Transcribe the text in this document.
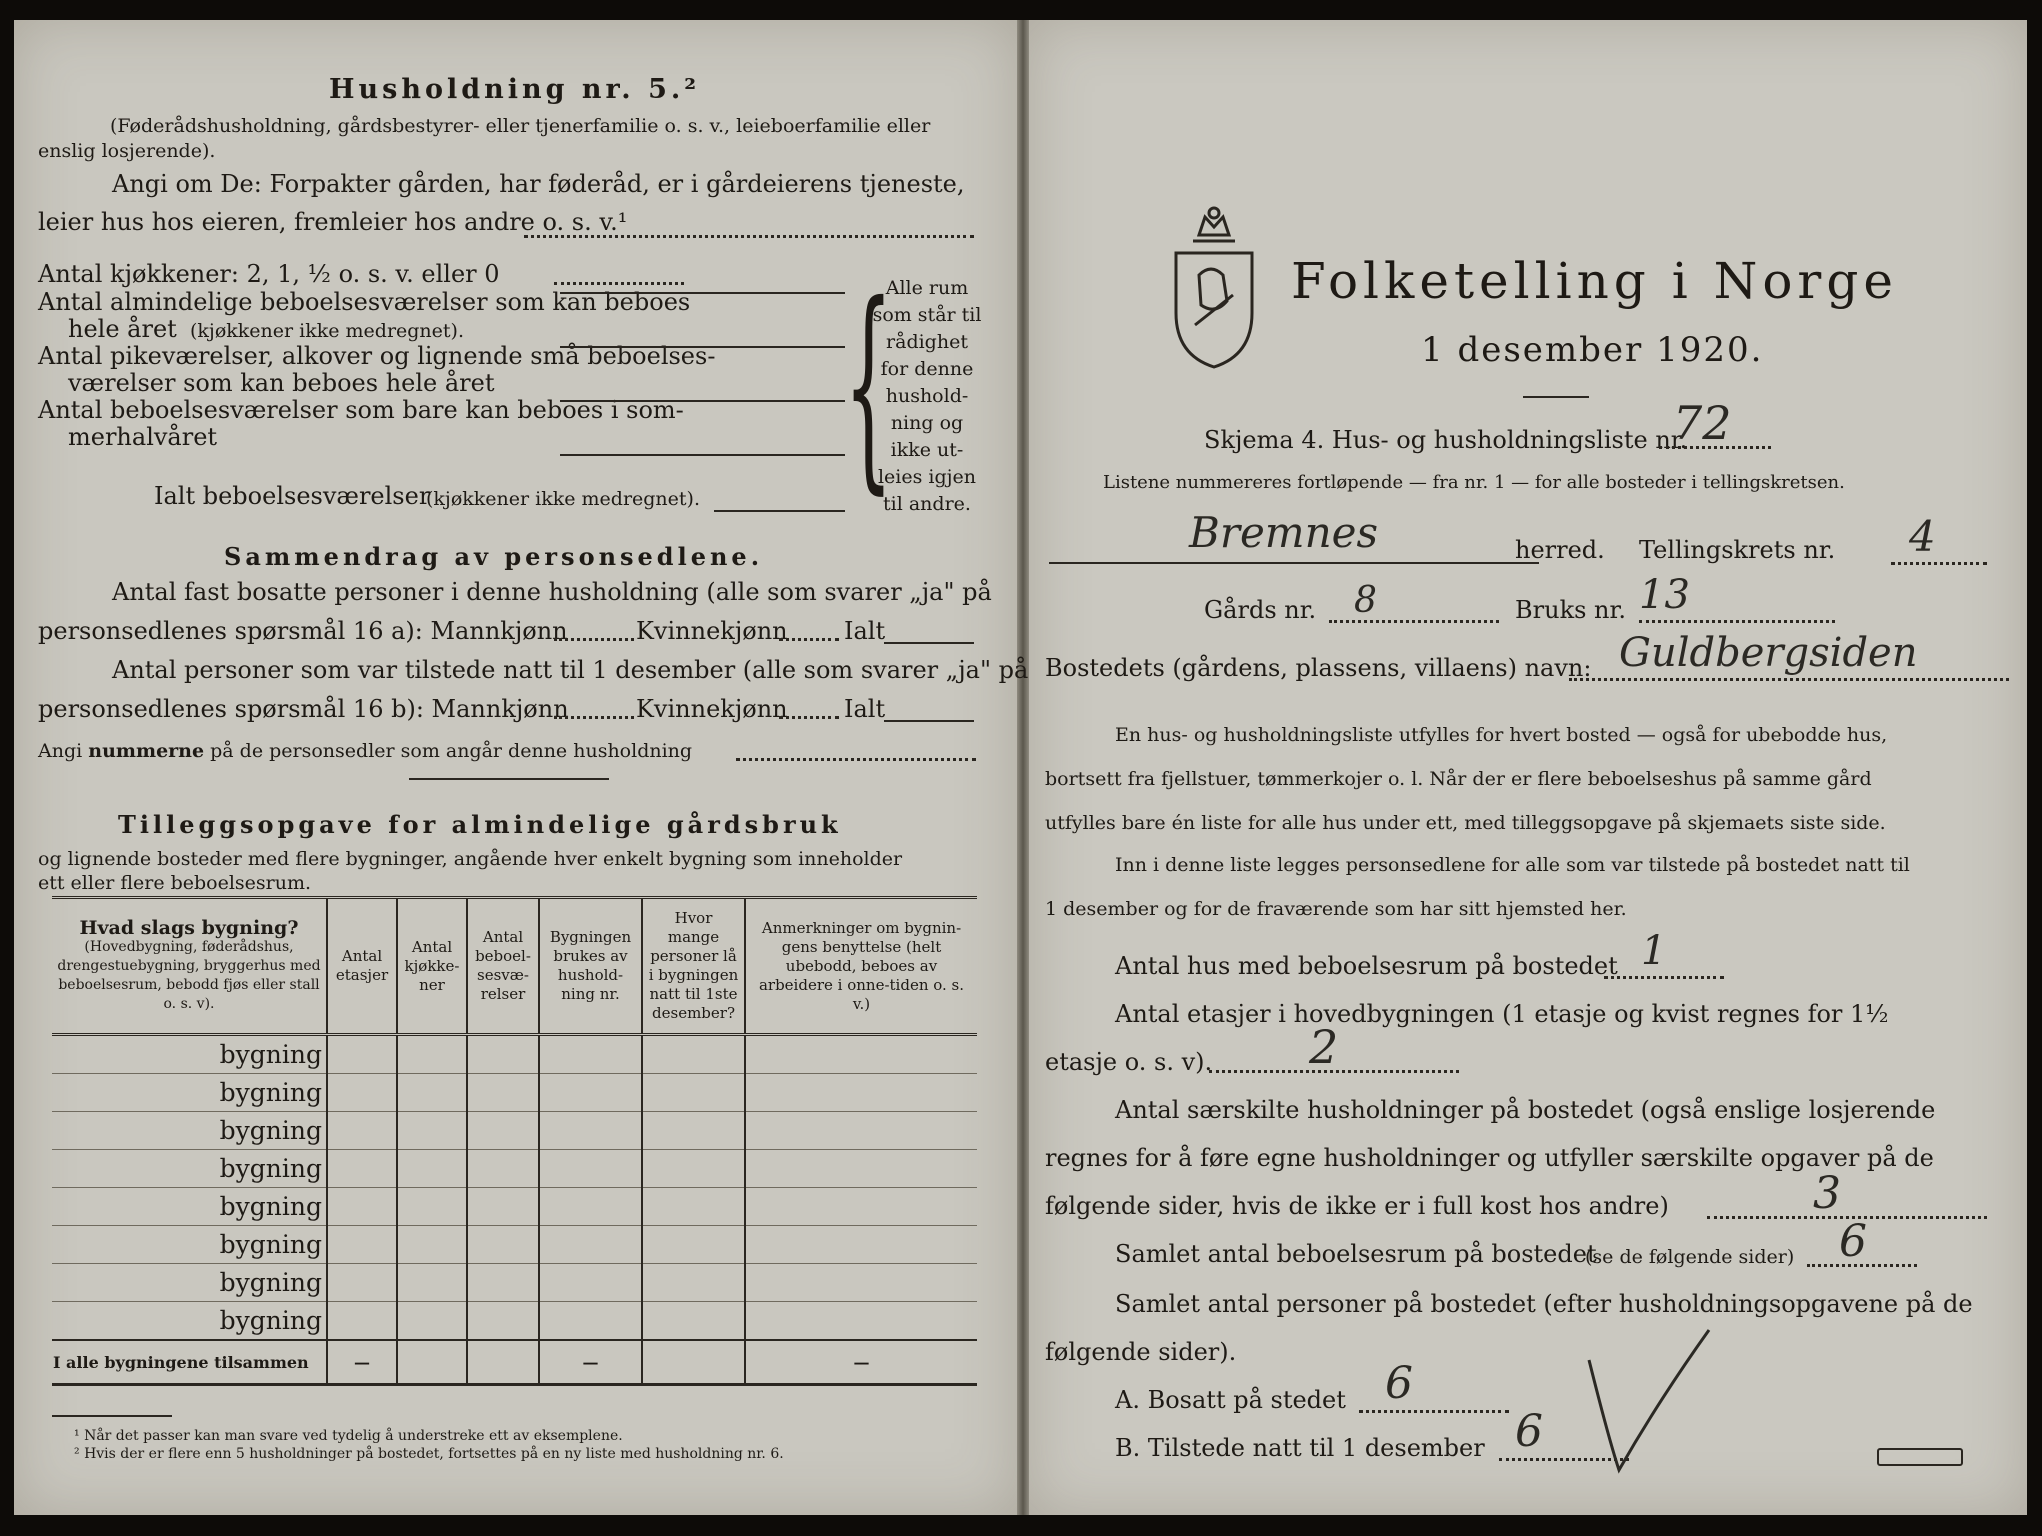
Husholdning nr. 5.²
(Føderådshusholdning, gårdsbestyrer- eller tjenerfamilie o. s. v., leieboerfamilie eller
enslig losjerende).
Angi om De: Forpakter gården, har føderåd, er i gårdeierens tjeneste,
leier hus hos eieren, fremleier hos andre o. s. v.¹
Antal kjøkkener: 2, 1, ½ o. s. v. eller 0
Antal almindelige beboelsesværelser som kan beboes
hele året (kjøkkener ikke medregnet).
Antal pikeværelser, alkover og lignende små beboelses-
værelser som kan beboes hele året
Antal beboelsesværelser som bare kan beboes i som-
merhalvåret
Ialt beboelsesværelser
(kjøkkener ikke medregnet). {
Alle rum
som står til
rådighet
for denne
hushold-
ning og
ikke ut-
leies igjen
til andre.
Sammendrag av personsedlene.
Antal fast bosatte personer i denne husholdning (alle som svarer „ja" på
personsedlenes spørsmål 16 a): Mannkjønn	Kvinnekjønn Ialt
Antal personer som var tilstede natt til 1 desember (alle som svarer „ja" på
personsedlenes spørsmål 16 b): Mannkjønn	Kvinnekjønn Ialt
Angi nummerne på de personsedler som angår denne husholdning
Tilleggsopgave for almindelige gårdsbruk
og lignende bosteder med flere bygninger, angående hver enkelt bygning som inneholder
ett eller flere beboelsesrum.
Hvad slags bygning?
(Hovedbygning, føderådshus, drengestuebygning, bryggerhus med beboelsesrum, bebodd fjøs eller stall o. s. v).	Antal etasjer	Antal kjøkke-ner	Antal beboel-sesvæ-relser	Bygningen brukes av hushold-ning nr.	Hvor mange personer lå i bygningen natt til 1ste desember?	Anmerkninger om bygnin-gens benyttelse (helt ubebodd, beboes av arbeidere i onne-tiden o. s. v.)
bygning						
bygning						
bygning						
bygning						
bygning						
bygning						
bygning						
bygning						
I alle bygningene tilsammen	—			—		—
¹ Når det passer kan man svare ved tydelig å understreke ett av eksemplene.
² Hvis der er flere enn 5 husholdninger på bostedet, fortsettes på en ny liste med husholdning nr. 6.
Folketelling i Norge
1 desember 1920.
Skjema 4. Hus- og husholdningsliste nr.
72
Listene nummereres fortløpende — fra nr. 1 — for alle bosteder i tellingskretsen.
Bremnes	herred. Tellingskrets nr. 4
Gårds nr. 8	Bruks nr. 13
Bostedets (gårdens, plassens, villaens) navn: Guldbergsiden
En hus- og husholdningsliste utfylles for hvert bosted — også for ubebodde hus,
bortsett fra fjellstuer, tømmerkojer o. l. Når der er flere beboelseshus på samme gård
utfylles bare én liste for alle hus under ett, med tilleggsopgave på skjemaets siste side.
Inn i denne liste legges personsedlene for alle som var tilstede på bostedet natt til
1 desember og for de fraværende som har sitt hjemsted her.
Antal hus med beboelsesrum på bostedet 1
Antal etasjer i hovedbygningen (1 etasje og kvist regnes for 1½
etasje o. s. v). 2
Antal særskilte husholdninger på bostedet (også enslige losjerende
regnes for å føre egne husholdninger og utfyller særskilte opgaver på de
følgende sider, hvis de ikke er i full kost hos andre)	3
Samlet antal beboelsesrum på bostedet
(se de følgende sider) 6
Samlet antal personer på bostedet (efter husholdningsopgavene på de
følgende sider).
A. Bosatt på stedet 6
B. Tilstede natt til 1 desember 6
